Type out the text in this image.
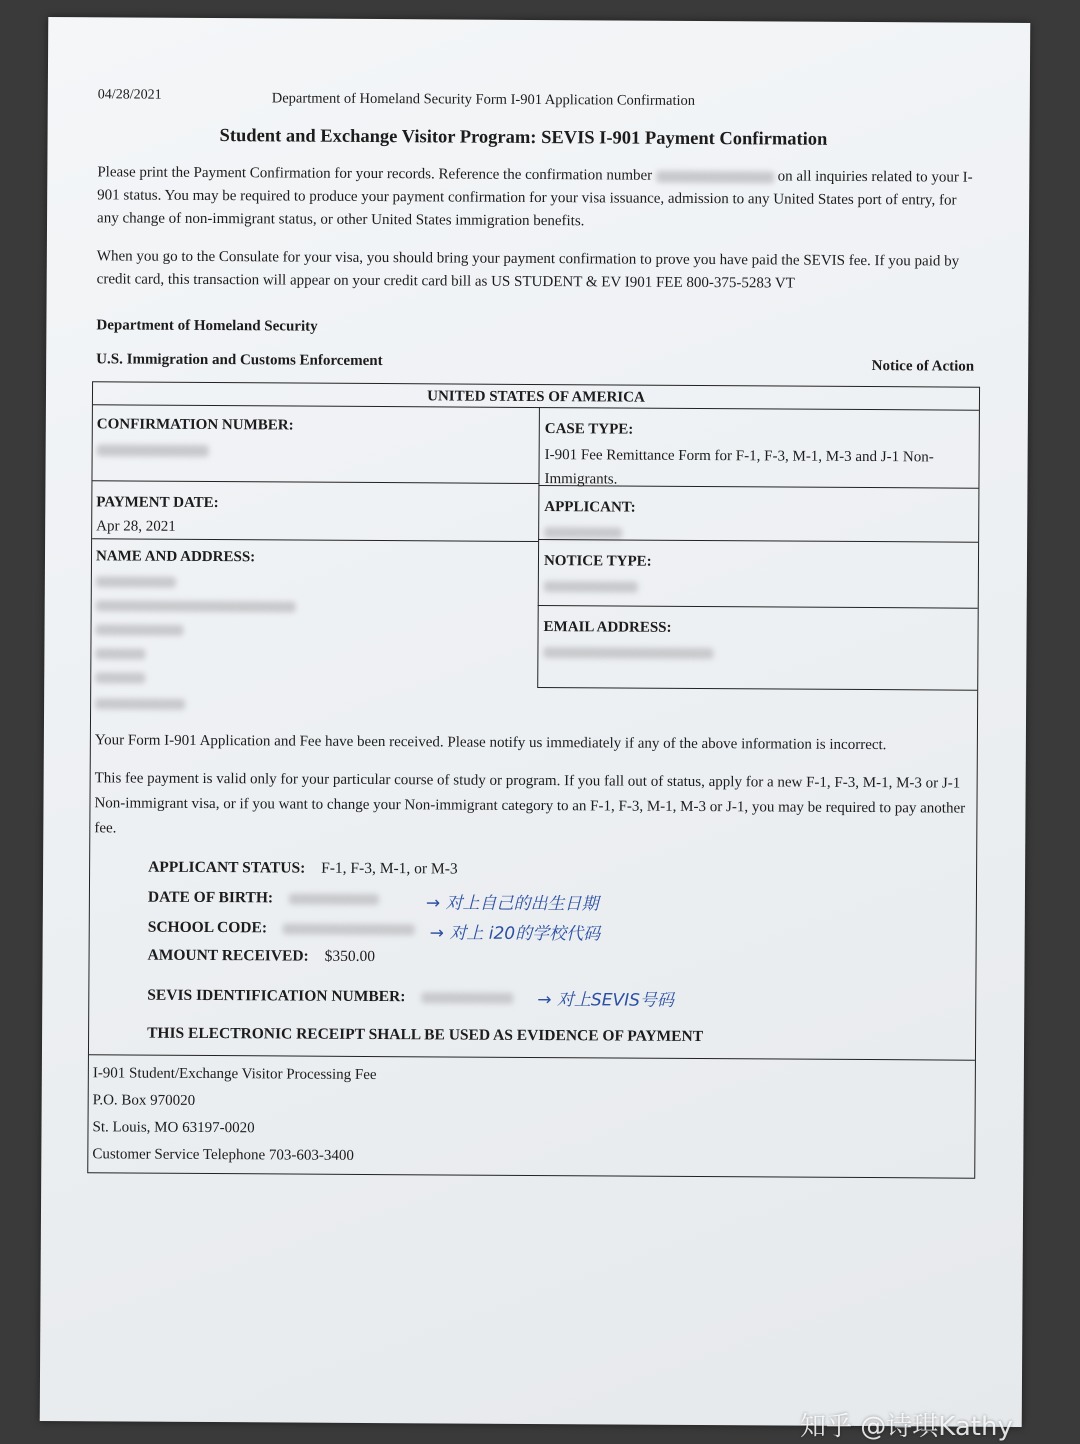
04/28/2021	Department of Homeland Security Form I-901 Application Confirmation
Student and Exchange Visitor Program: SEVIS I-901 Payment Confirmation
Please print the Payment Confirmation for your records. Reference the confirmation number	on all inquiries related to your I-901 status. You may be required to produce your payment confirmation for your visa issuance, admission to any United States port of entry, for any change of non-immigrant status, or other United States immigration benefits.
When you go to the Consulate for your visa, you should bring your payment confirmation to prove you have paid the SEVIS fee. If you paid by credit card, this transaction will appear on your credit card bill as US STUDENT & EV I901 FEE 800-375-5283 VT
Department of Homeland Security
U.S. Immigration and Customs Enforcement	Notice of Action
UNITED STATES OF AMERICA
CONFIRMATION NUMBER:
PAYMENT DATE:
Apr 28, 2021
NAME AND ADDRESS:
CASE TYPE:
I-901 Fee Remittance Form for F-1, F-3, M-1, M-3 and J-1 Non-Immigrants.
APPLICANT:
NOTICE TYPE:
EMAIL ADDRESS:
Your Form I-901 Application and Fee have been received. Please notify us immediately if any of the above information is incorrect.
This fee payment is valid only for your particular course of study or program. If you fall out of status, apply for a new F-1, F-3, M-1, M-3 or J-1 Non-immigrant visa, or if you want to change your Non-immigrant category to an F-1, F-3, M-1, M-3 or J-1, you may be required to pay another fee.
APPLICANT STATUS: F-1, F-3, M-1, or M-3
DATE OF BIRTH:
SCHOOL CODE:
AMOUNT RECEIVED: $350.00
SEVIS IDENTIFICATION NUMBER:
THIS ELECTRONIC RECEIPT SHALL BE USED AS EVIDENCE OF PAYMENT
→ 对上自己的出生日期
→ 对上 i20的学校代码
→ 对上SEVIS号码
I-901 Student/Exchange Visitor Processing Fee
P.O. Box 970020
St. Louis, MO 63197-0020
Customer Service Telephone 703-603-3400
知乎 @诗琪Kathy
